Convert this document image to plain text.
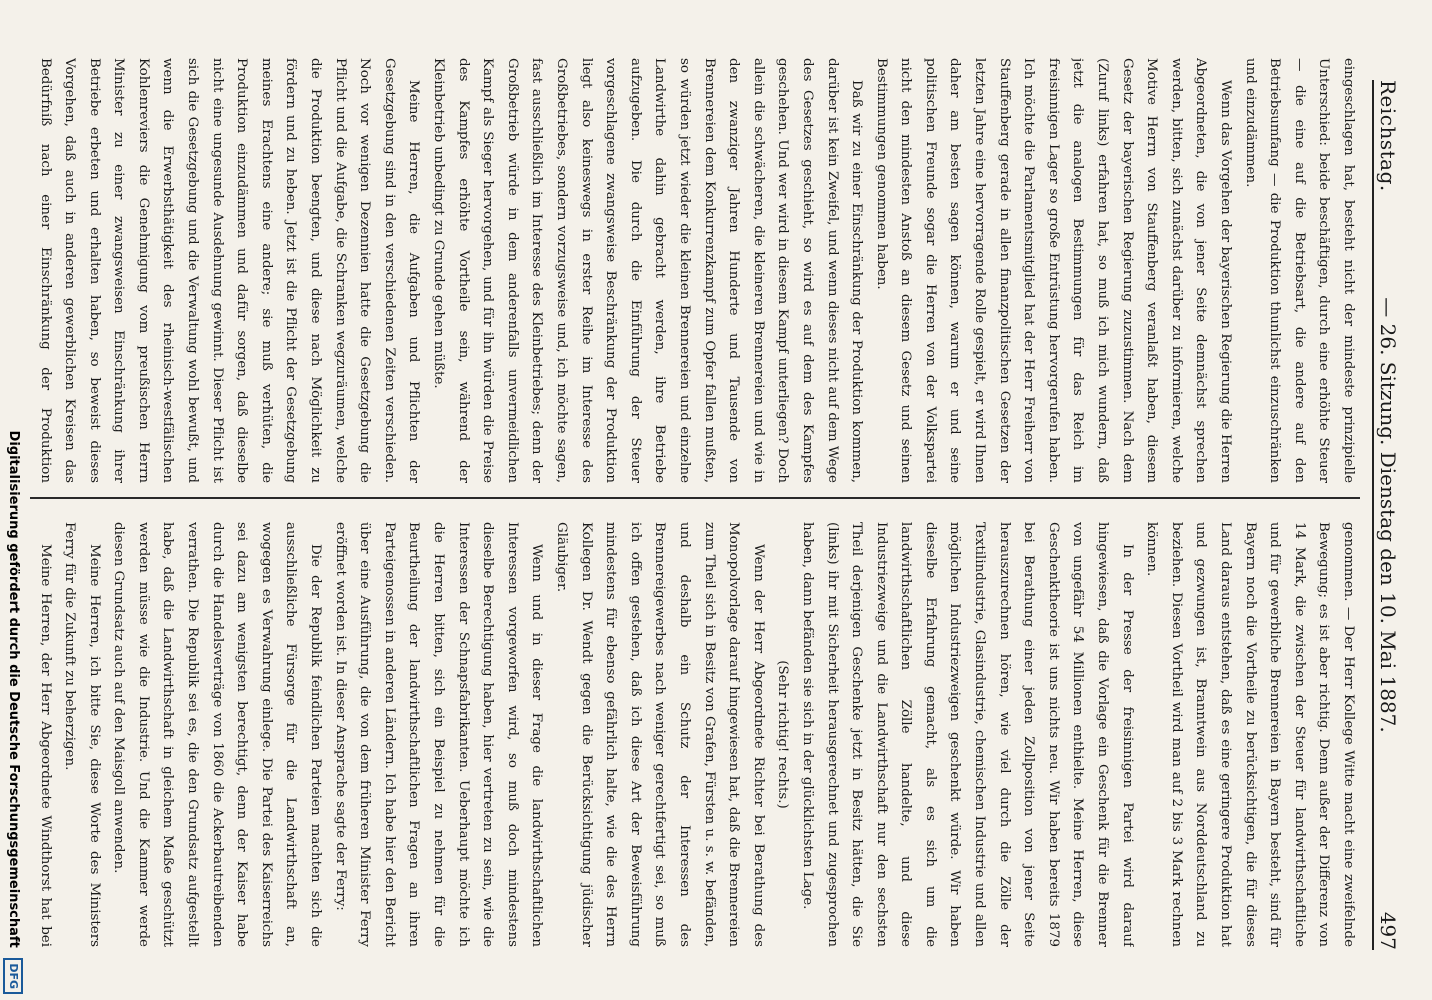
Reichstag.
— 26. Sitzung. Dienstag den 10. Mai 1887.
497

eingeschlagen hat, besteht nicht der mindeste prinzipielle Unterschied: beide beschäftigen, durch eine erhöhte Steuer — die eine auf die Betriebsart, die andere auf den Betriebsumfang — die Produktion thunlichst einzuschränken und einzudämmen.

Wenn das Vorgehen der bayerischen Regierung die Herren Abgeordneten, die von jener Seite demnächst sprechen werden, bitten, sich zunächst darüber zu informieren, welche Motive Herrn von Stauffenberg veranlaßt haben, diesem Gesetz der bayerischen Regierung zuzustimmen. Nach dem (Zuruf links) erfahren hat, so muß ich mich wundern, daß jetzt die analogen Bestimmungen für das Reich im freisinnigen Lager so große Entrüstung hervorgerufen haben. Ich möchte die Parlamentsmitglied hat der Herr Freiherr von Stauffenberg gerade in allen finanzpolitischen Gesetzen der letzten Jahre eine hervorragende Rolle gespielt, er wird Ihnen daher am besten sagen können, warum er und seine politischen Freunde sogar die Herren von der Volkspartei nicht den mindesten Anstoß an diesem Gesetz und seinen Bestimmungen genommen haben.

Daß wir zu einer Einschränkung der Produktion kommen, darüber ist kein Zweifel, und wenn dieses nicht auf dem Wege des Gesetzes geschieht, so wird es auf dem des Kampfes geschehen. Und wer wird in diesem Kampf unterliegen? Doch allein die schwächeren, die kleineren Brennereien und wie in den zwanziger Jahren Hunderte und Tausende von Brennereien dem Konkurrenzkampf zum Opfer fallen mußten, so würden jetzt wieder die kleinen Brennereien und einzelne Landwirthe dahin gebracht werden, ihre Betriebe aufzugeben. Die durch die Einführung der Steuer vorgeschlagene zwangsweise Beschränkung der Produktion liegt also keineswegs in erster Reihe im Interesse des Großbetriebes, sondern vorzugsweise und, ich möchte sagen, fast ausschließlich im Interesse des Kleinbetriebes; denn der Großbetrieb würde in dem anderenfalls unvermeidlichen Kampf als Sieger hervorgehen, und für ihn würden die Preise des Kampfes erhöhte Vortheile sein, während der Kleinbetrieb unbedingt zu Grunde gehen müßte.

Meine Herren, die Aufgaben und Pflichten der Gesetzgebung sind in den verschiedenen Zeiten verschieden. Noch vor wenigen Dezennien hatte die Gesetzgebung die Pflicht und die Aufgabe, die Schranken wegzuräumen, welche die Produktion beengten, und diese nach Möglichkeit zu fördern und zu heben. Jetzt ist die Pflicht der Gesetzgebung meines Erachtens eine andere; sie muß verhüten, die Produktion einzudämmen und dafür sorgen, daß dieselbe nicht eine ungesunde Ausdehnung gewinnt. Dieser Pflicht ist sich die Gesetzgebung und die Verwaltung wohl bewußt, und wenn die Erwerbsthätigkeit des rheinisch-westfälischen Kohlenreviers die Genehmigung vom preußischen Herrn Minister zu einer zwangsweisen Einschränkung ihrer Betriebe erbeten und erhalten haben, so beweist dieses Vorgehen, daß auch in anderen gewerblichen Kreisen das Bedürfniß nach einer Einschränkung der Produktion

genommen. — Der Herr Kollege Witte macht eine zweifelnde Bewegung; es ist aber richtig. Denn außer der Differenz von 14 Mark, die zwischen der Steuer für landwirthschaftliche und für gewerbliche Brennereien in Bayern besteht, sind für Bayern noch die Vortheile zu berücksichtigen, die für dieses Land daraus entstehen, daß es eine geringere Produktion hat und gezwungen ist, Branntwein aus Norddeutschland zu beziehen. Diesen Vortheil wird man auf 2 bis 3 Mark rechnen können.

In der Presse der freisinnigen Partei wird darauf hingewiesen, daß die Vorlage ein Geschenk für die Brenner von ungefähr 54 Millionen enthielte. Meine Herren, diese Geschenktheorie ist uns nichts neu. Wir haben bereits 1879 bei Berathung einer jeden Zollposition von jener Seite herauszurechnen hören, wie viel durch die Zölle der Textilindustrie, Glasindustrie, chemischen Industrie und allen möglichen Industriezweigen geschenkt würde. Wir haben dieselbe Erfahrung gemacht, als es sich um die landwirthschaftlichen Zölle handelte, und diese Industriezweige und die Landwirthschaft nur den sechsten Theil derjenigen Geschenke jetzt in Besitz hätten, die Sie (links) ihr mit Sicherheit herausgerechnet und zugesprochen haben, dann befänden sie sich in der glücklichsten Lage.

(Sehr richtig! rechts.)

Wenn der Herr Abgeordnete Richter bei Berathung des Monopolvorlage darauf hingewiesen hat, daß die Brennereien zum Theil sich in Besitz von Grafen, Fürsten u. s. w. befänden, und deshalb ein Schutz der Interessen des Brennereigewerbes nach weniger gerechtfertigt sei, so muß ich offen gestehen, daß ich diese Art der Beweisführung mindestens für ebenso gefährlich halte, wie die des Herrn Kollegen Dr. Wendt gegen die Berücksichtigung jüdischer Gläubiger.

Wenn und in dieser Frage die landwirthschaftlichen Interessen vorgeworfen wird, so muß doch mindestens dieselbe Berechtigung haben, hier vertreten zu sein, wie die Interessen der Schnapsfabrikanten. Ueberhaupt möchte ich die Herren bitten, sich ein Beispiel zu nehmen für die Beurtheilung der landwirthschaftlichen Fragen an ihren Parteigenossen in anderen Ländern. Ich habe hier den Bericht über eine Ausführung, die von dem früheren Minister Ferry eröffnet worden ist. In dieser Ansprache sagte der Ferry:

Die der Republik feindlichen Parteien machten sich die ausschließliche Fürsorge für die Landwirthschaft an, wogegen es Verwahrung einlege. Die Partei des Kaiserreichs sei dazu am wenigsten berechtigt, denn der Kaiser habe durch die Handelsverträge von 1860 die Ackerbautreibenden verrathen. Die Republik sei es, die den Grundsatz aufgestellt habe, daß die Landwirthschaft in gleichem Maße geschützt werden müsse wie die Industrie. Und die Kammer werde diesen Grundsatz auch auf den Maisgoll anwenden.

Meine Herren, ich bitte Sie, diese Worte des Ministers Ferry für die Zukunft zu beherzigen.

Meine Herren, der Herr Abgeordnete Windthorst hat bei

Digitalisierung gefördert durch die Deutsche Forschungsgemeinschaft DFG
